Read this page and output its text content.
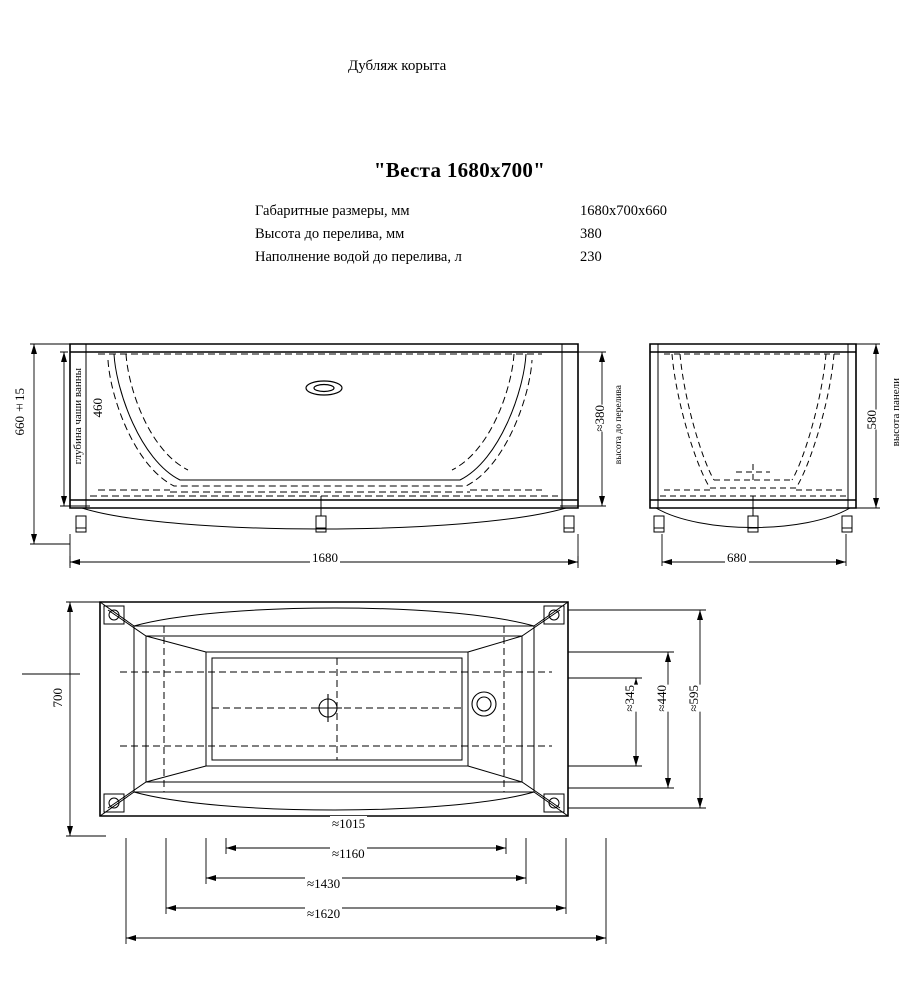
Дубляж корыта
"Веста 1680х700"
Габаритные размеры, мм	1680х700х660
Высота до перелива, мм	380
Наполнение водой до перелива, л	230
660±15	460
глубина чаши ванны	≈380 высота до перелива
1680
580 высота панели
680
700	≈345 ≈440 ≈595
≈1015
≈1160
≈1430
≈1620
